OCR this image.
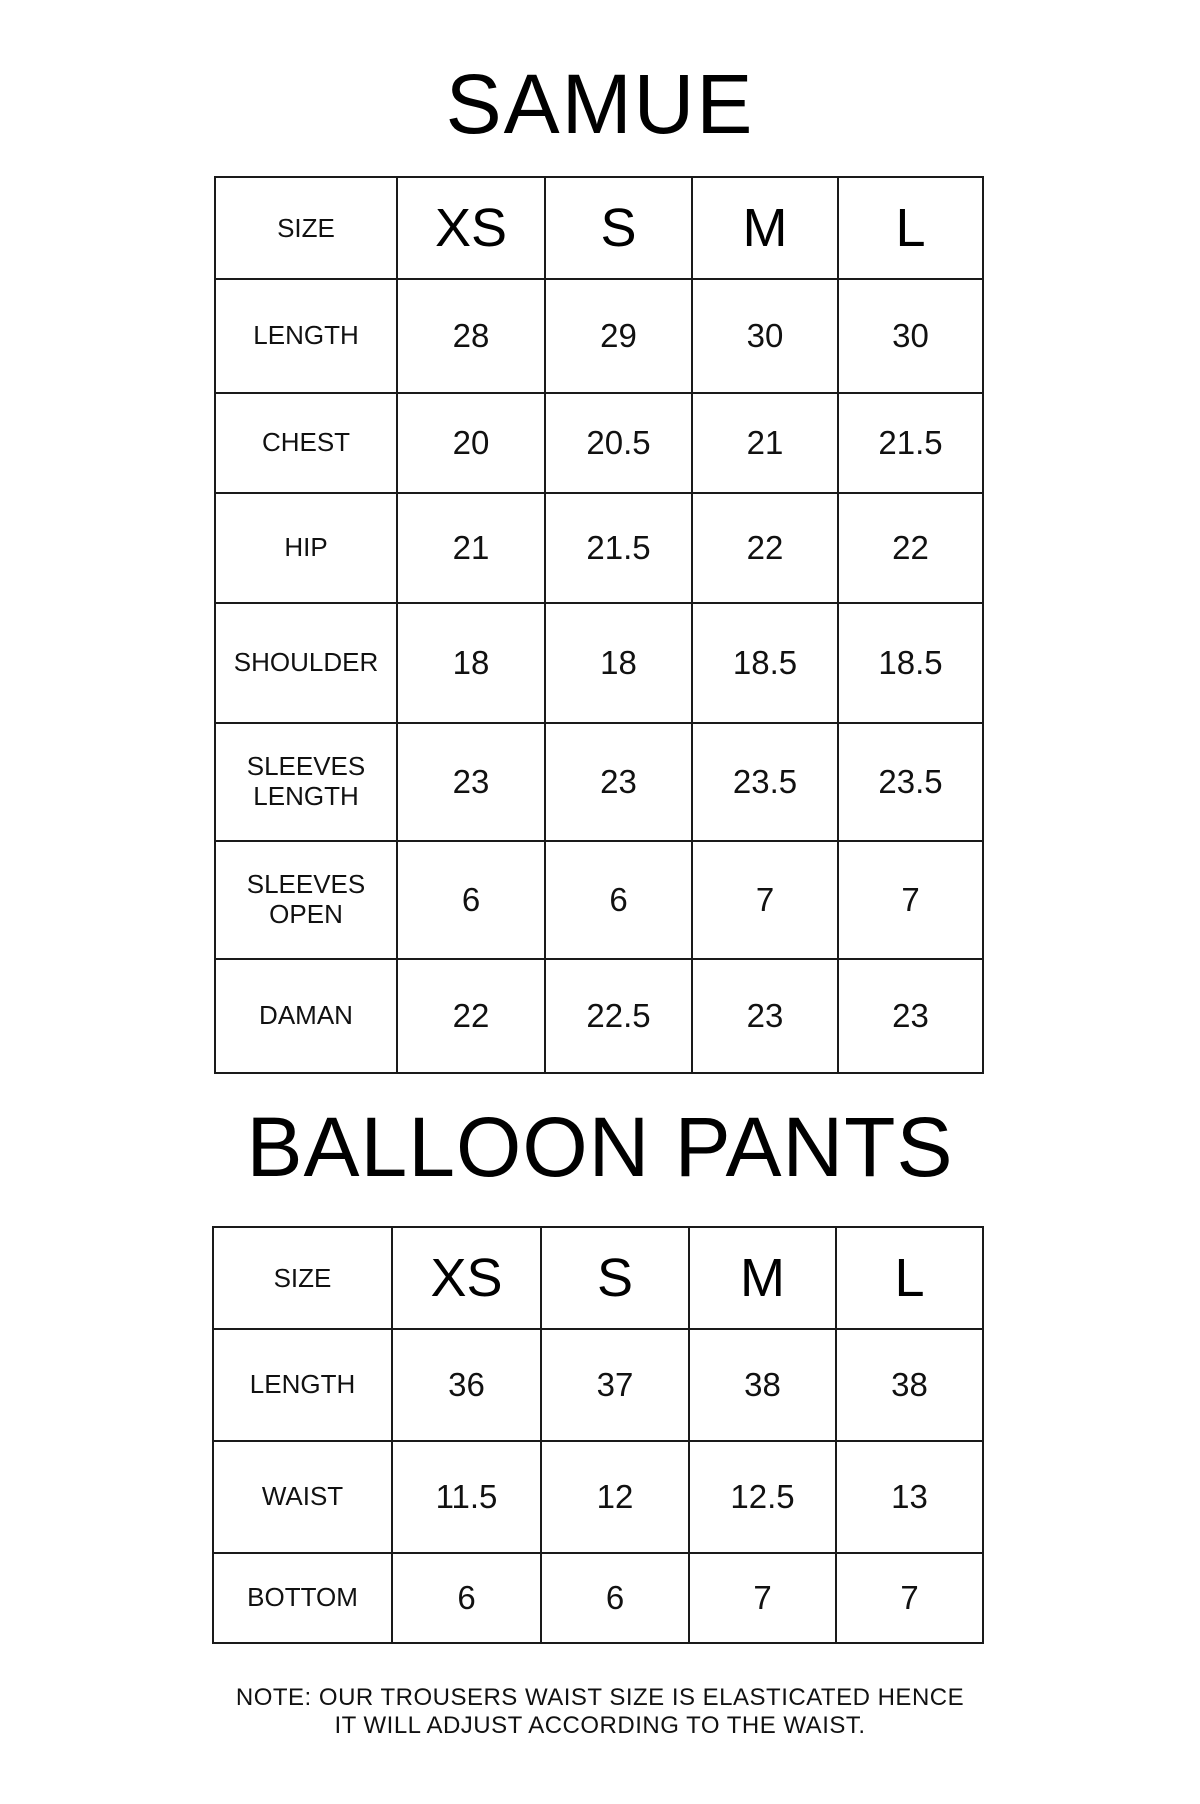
SAMUE
SIZE	XS	S	M	L
LENGTH	28	29	30	30
CHEST	20	20.5	21	21.5
HIP	21	21.5	22	22
SHOULDER	18	18	18.5	18.5
SLEEVES LENGTH	23	23	23.5	23.5
SLEEVES OPEN	6	6	7	7
DAMAN	22	22.5	23	23
BALLOON PANTS
SIZE	XS	S	M	L
LENGTH	36	37	38	38
WAIST	11.5	12	12.5	13
BOTTOM	6	6	7	7
NOTE: OUR TROUSERS WAIST SIZE IS ELASTICATED HENCE
IT WILL ADJUST ACCORDING TO THE WAIST.
